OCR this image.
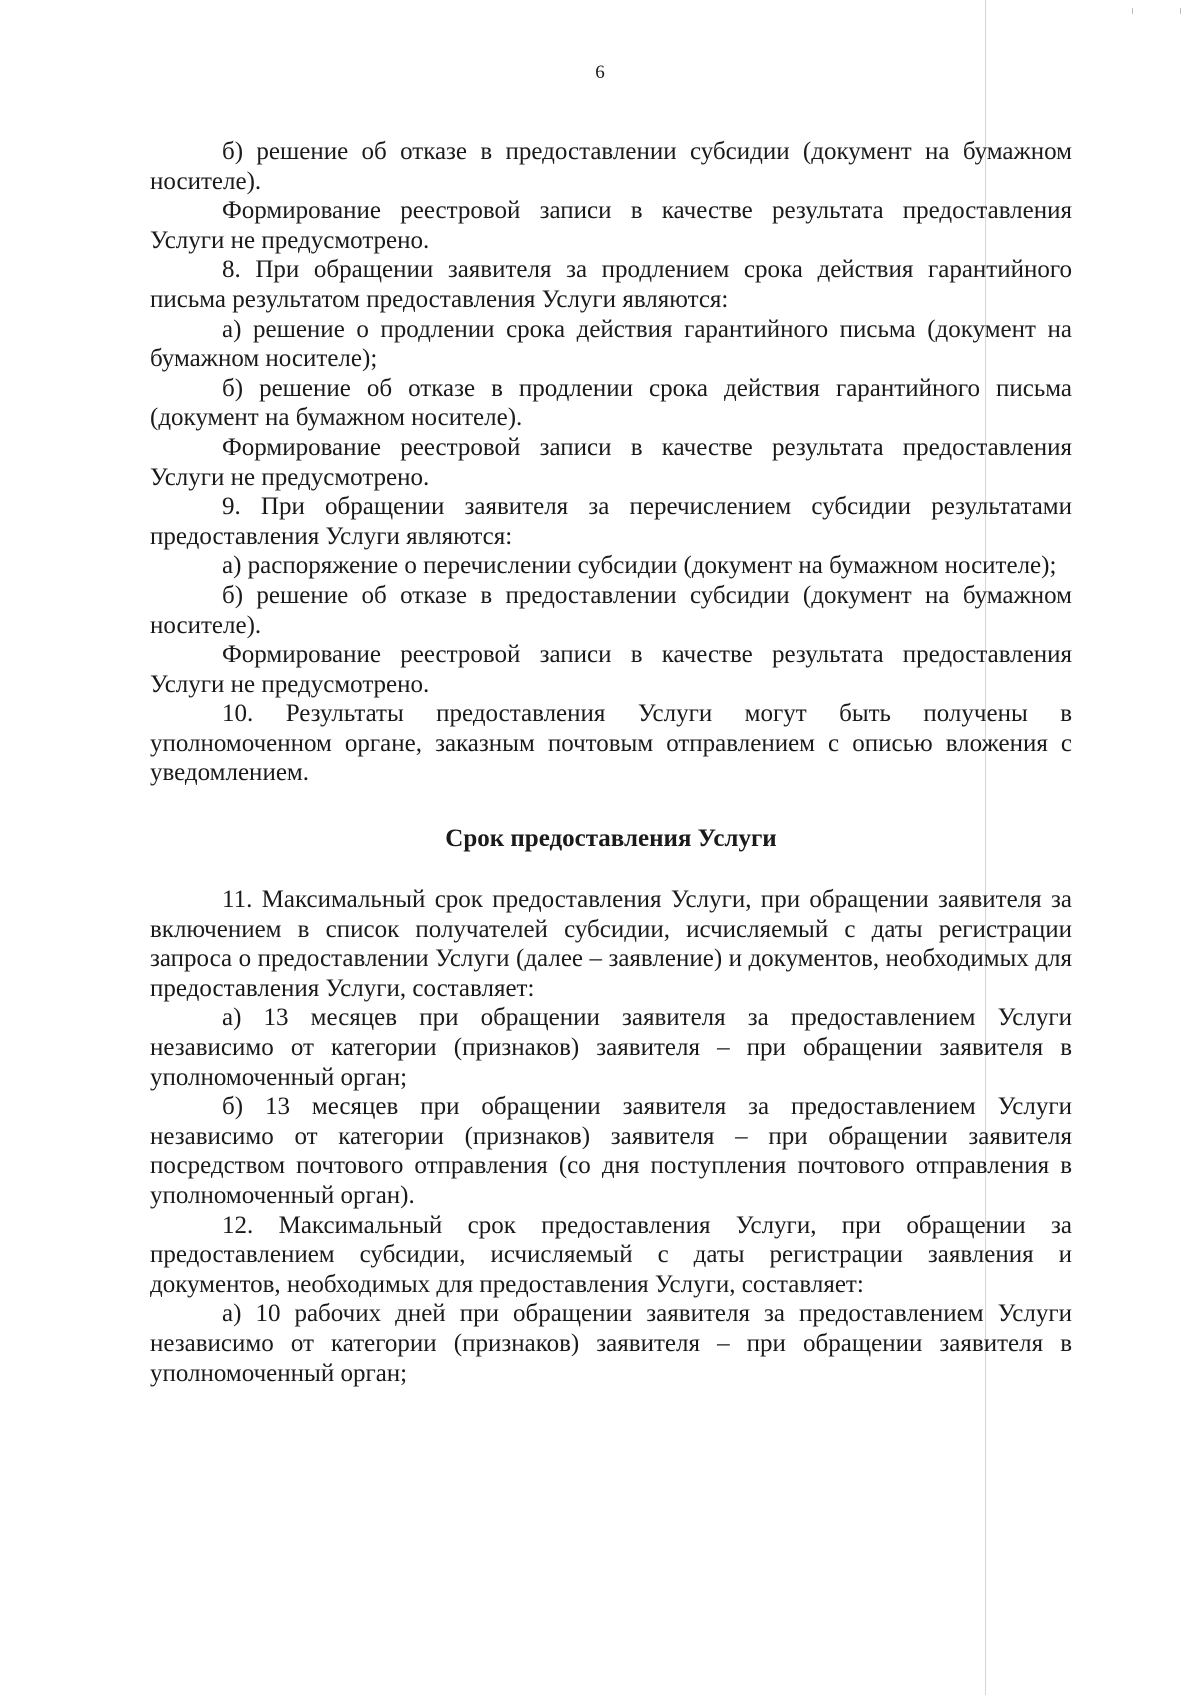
6

б) решение об отказе в предоставлении субсидии (документ на бумажном носителе).

Формирование реестровой записи в качестве результата предоставления Услуги не предусмотрено.

8. При обращении заявителя за продлением срока действия гарантийного письма результатом предоставления Услуги являются:

а) решение о продлении срока действия гарантийного письма (документ на бумажном носителе);

б) решение об отказе в продлении срока действия гарантийного письма (документ на бумажном носителе).

Формирование реестровой записи в качестве результата предоставления Услуги не предусмотрено.

9. При обращении заявителя за перечислением субсидии результатами предоставления Услуги являются:

а) распоряжение о перечислении субсидии (документ на бумажном носителе);

б) решение об отказе в предоставлении субсидии (документ на бумажном носителе).

Формирование реестровой записи в качестве результата предоставления Услуги не предусмотрено.

10. Результаты предоставления Услуги могут быть получены в уполномоченном органе, заказным почтовым отправлением с описью вложения с уведомлением.

Срок предоставления Услуги

11. Максимальный срок предоставления Услуги, при обращении заявителя за включением в список получателей субсидии, исчисляемый с даты регистрации запроса о предоставлении Услуги (далее – заявление) и документов, необходимых для предоставления Услуги, составляет:

а) 13 месяцев при обращении заявителя за предоставлением Услуги независимо от категории (признаков) заявителя – при обращении заявителя в уполномоченный орган;

б) 13 месяцев при обращении заявителя за предоставлением Услуги независимо от категории (признаков) заявителя – при обращении заявителя посредством почтового отправления (со дня поступления почтового отправления в уполномоченный орган).

12. Максимальный срок предоставления Услуги, при обращении за предоставлением субсидии, исчисляемый с даты регистрации заявления и документов, необходимых для предоставления Услуги, составляет:

а) 10 рабочих дней при обращении заявителя за предоставлением Услуги независимо от категории (признаков) заявителя – при обращении заявителя в уполномоченный орган;
